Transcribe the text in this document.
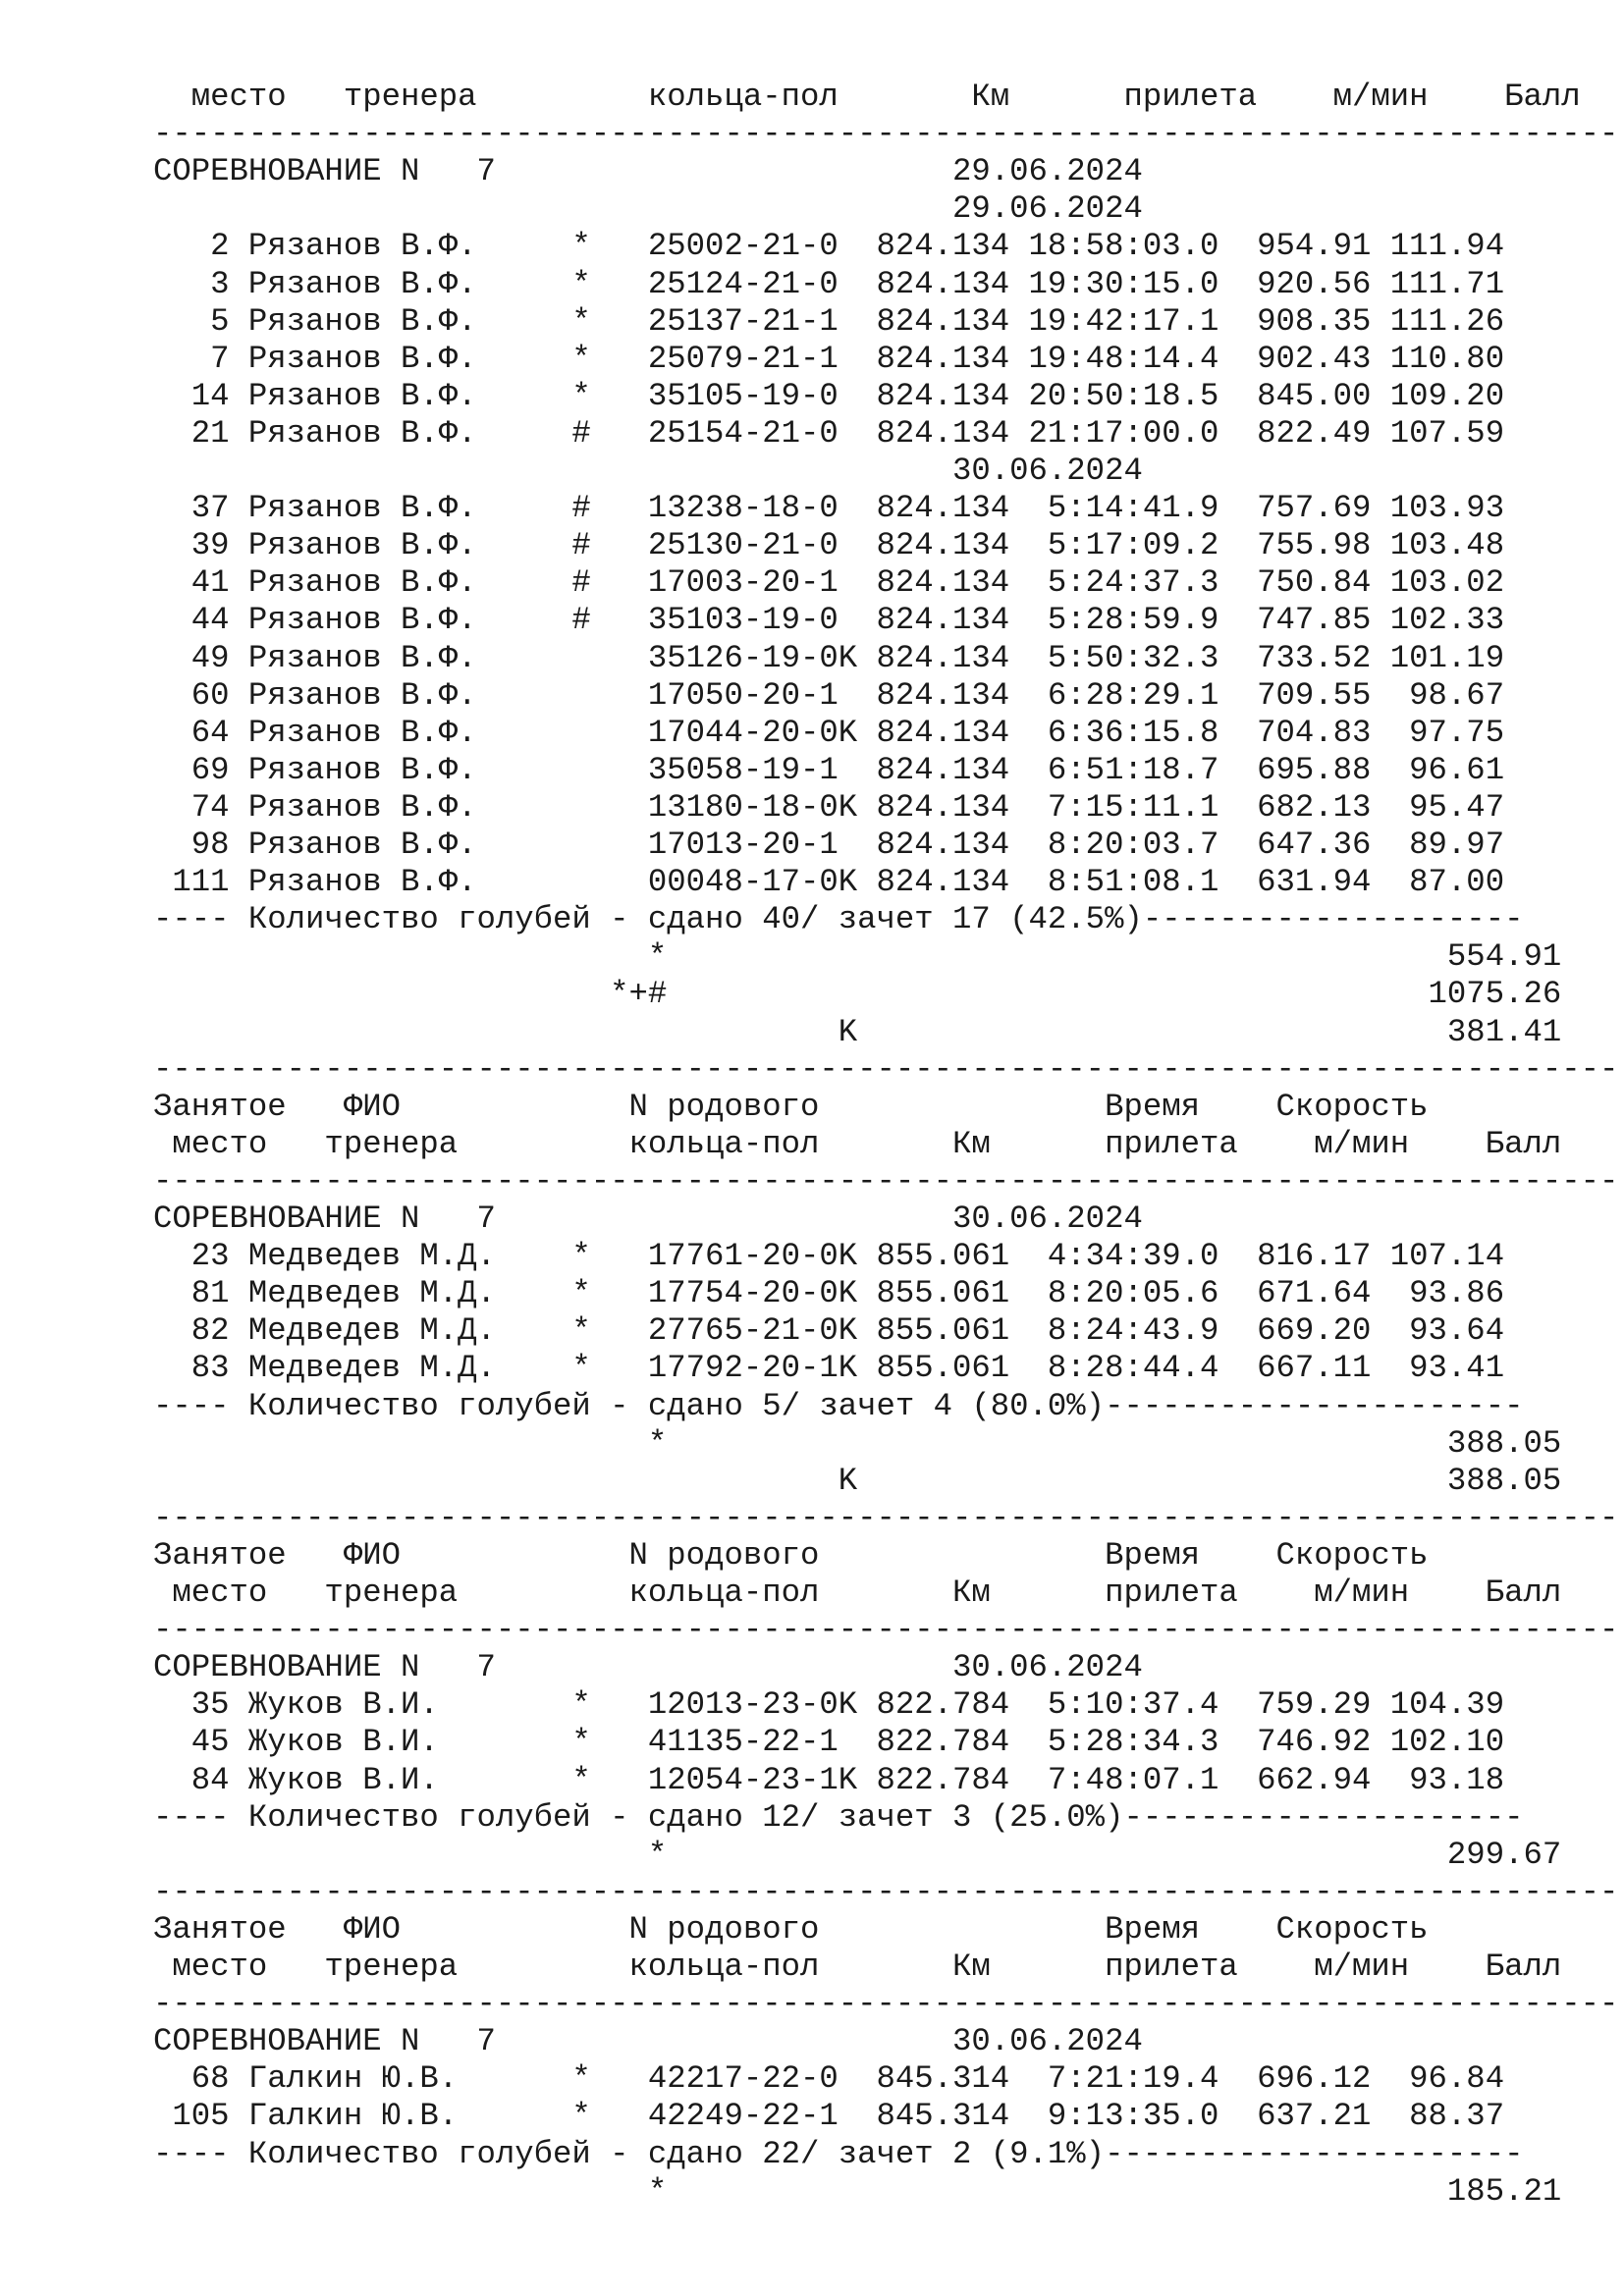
место   тренера         кольца-пол       Км      прилета    м/мин    Балл
-----------------------------------------------------------------------------
СОРЕВНОВАНИЕ N   7                        29.06.2024
29.06.2024
2 Рязанов В.Ф.     *   25002-21-0  824.134 18:58:03.0  954.91 111.94
3 Рязанов В.Ф.     *   25124-21-0  824.134 19:30:15.0  920.56 111.71
5 Рязанов В.Ф.     *   25137-21-1  824.134 19:42:17.1  908.35 111.26
7 Рязанов В.Ф.     *   25079-21-1  824.134 19:48:14.4  902.43 110.80
14 Рязанов В.Ф.     *   35105-19-0  824.134 20:50:18.5  845.00 109.20
21 Рязанов В.Ф.     #   25154-21-0  824.134 21:17:00.0  822.49 107.59
30.06.2024
37 Рязанов В.Ф.     #   13238-18-0  824.134  5:14:41.9  757.69 103.93
39 Рязанов В.Ф.     #   25130-21-0  824.134  5:17:09.2  755.98 103.48
41 Рязанов В.Ф.     #   17003-20-1  824.134  5:24:37.3  750.84 103.02
44 Рязанов В.Ф.     #   35103-19-0  824.134  5:28:59.9  747.85 102.33
49 Рязанов В.Ф.         35126-19-0K 824.134  5:50:32.3  733.52 101.19
60 Рязанов В.Ф.         17050-20-1  824.134  6:28:29.1  709.55  98.67
64 Рязанов В.Ф.         17044-20-0K 824.134  6:36:15.8  704.83  97.75
69 Рязанов В.Ф.         35058-19-1  824.134  6:51:18.7  695.88  96.61
74 Рязанов В.Ф.         13180-18-0K 824.134  7:15:11.1  682.13  95.47
98 Рязанов В.Ф.         17013-20-1  824.134  8:20:03.7  647.36  89.97
111 Рязанов В.Ф.         00048-17-0K 824.134  8:51:08.1  631.94  87.00
---- Количество голубей - сдано 40/ зачет 17 (42.5%)--------------------
*                                         554.91
*+#                                        1075.26
K                               381.41
-----------------------------------------------------------------------------
Занятое   ФИО            N родового               Время    Скорость
место   тренера         кольца-пол       Км      прилета    м/мин    Балл
-----------------------------------------------------------------------------
СОРЕВНОВАНИЕ N   7                        30.06.2024
23 Медведев М.Д.    *   17761-20-0K 855.061  4:34:39.0  816.17 107.14
81 Медведев М.Д.    *   17754-20-0K 855.061  8:20:05.6  671.64  93.86
82 Медведев М.Д.    *   27765-21-0K 855.061  8:24:43.9  669.20  93.64
83 Медведев М.Д.    *   17792-20-1K 855.061  8:28:44.4  667.11  93.41
---- Количество голубей - сдано 5/ зачет 4 (80.0%)----------------------
*                                         388.05
K                               388.05
-----------------------------------------------------------------------------
Занятое   ФИО            N родового               Время    Скорость
место   тренера         кольца-пол       Км      прилета    м/мин    Балл
-----------------------------------------------------------------------------
СОРЕВНОВАНИЕ N   7                        30.06.2024
35 Жуков В.И.       *   12013-23-0K 822.784  5:10:37.4  759.29 104.39
45 Жуков В.И.       *   41135-22-1  822.784  5:28:34.3  746.92 102.10
84 Жуков В.И.       *   12054-23-1K 822.784  7:48:07.1  662.94  93.18
---- Количество голубей - сдано 12/ зачет 3 (25.0%)---------------------
*                                         299.67
-----------------------------------------------------------------------------
Занятое   ФИО            N родового               Время    Скорость
место   тренера         кольца-пол       Км      прилета    м/мин    Балл
-----------------------------------------------------------------------------
СОРЕВНОВАНИЕ N   7                        30.06.2024
68 Галкин Ю.В.      *   42217-22-0  845.314  7:21:19.4  696.12  96.84
105 Галкин Ю.В.      *   42249-22-1  845.314  9:13:35.0  637.21  88.37
---- Количество голубей - сдано 22/ зачет 2 (9.1%)----------------------
*                                         185.21
